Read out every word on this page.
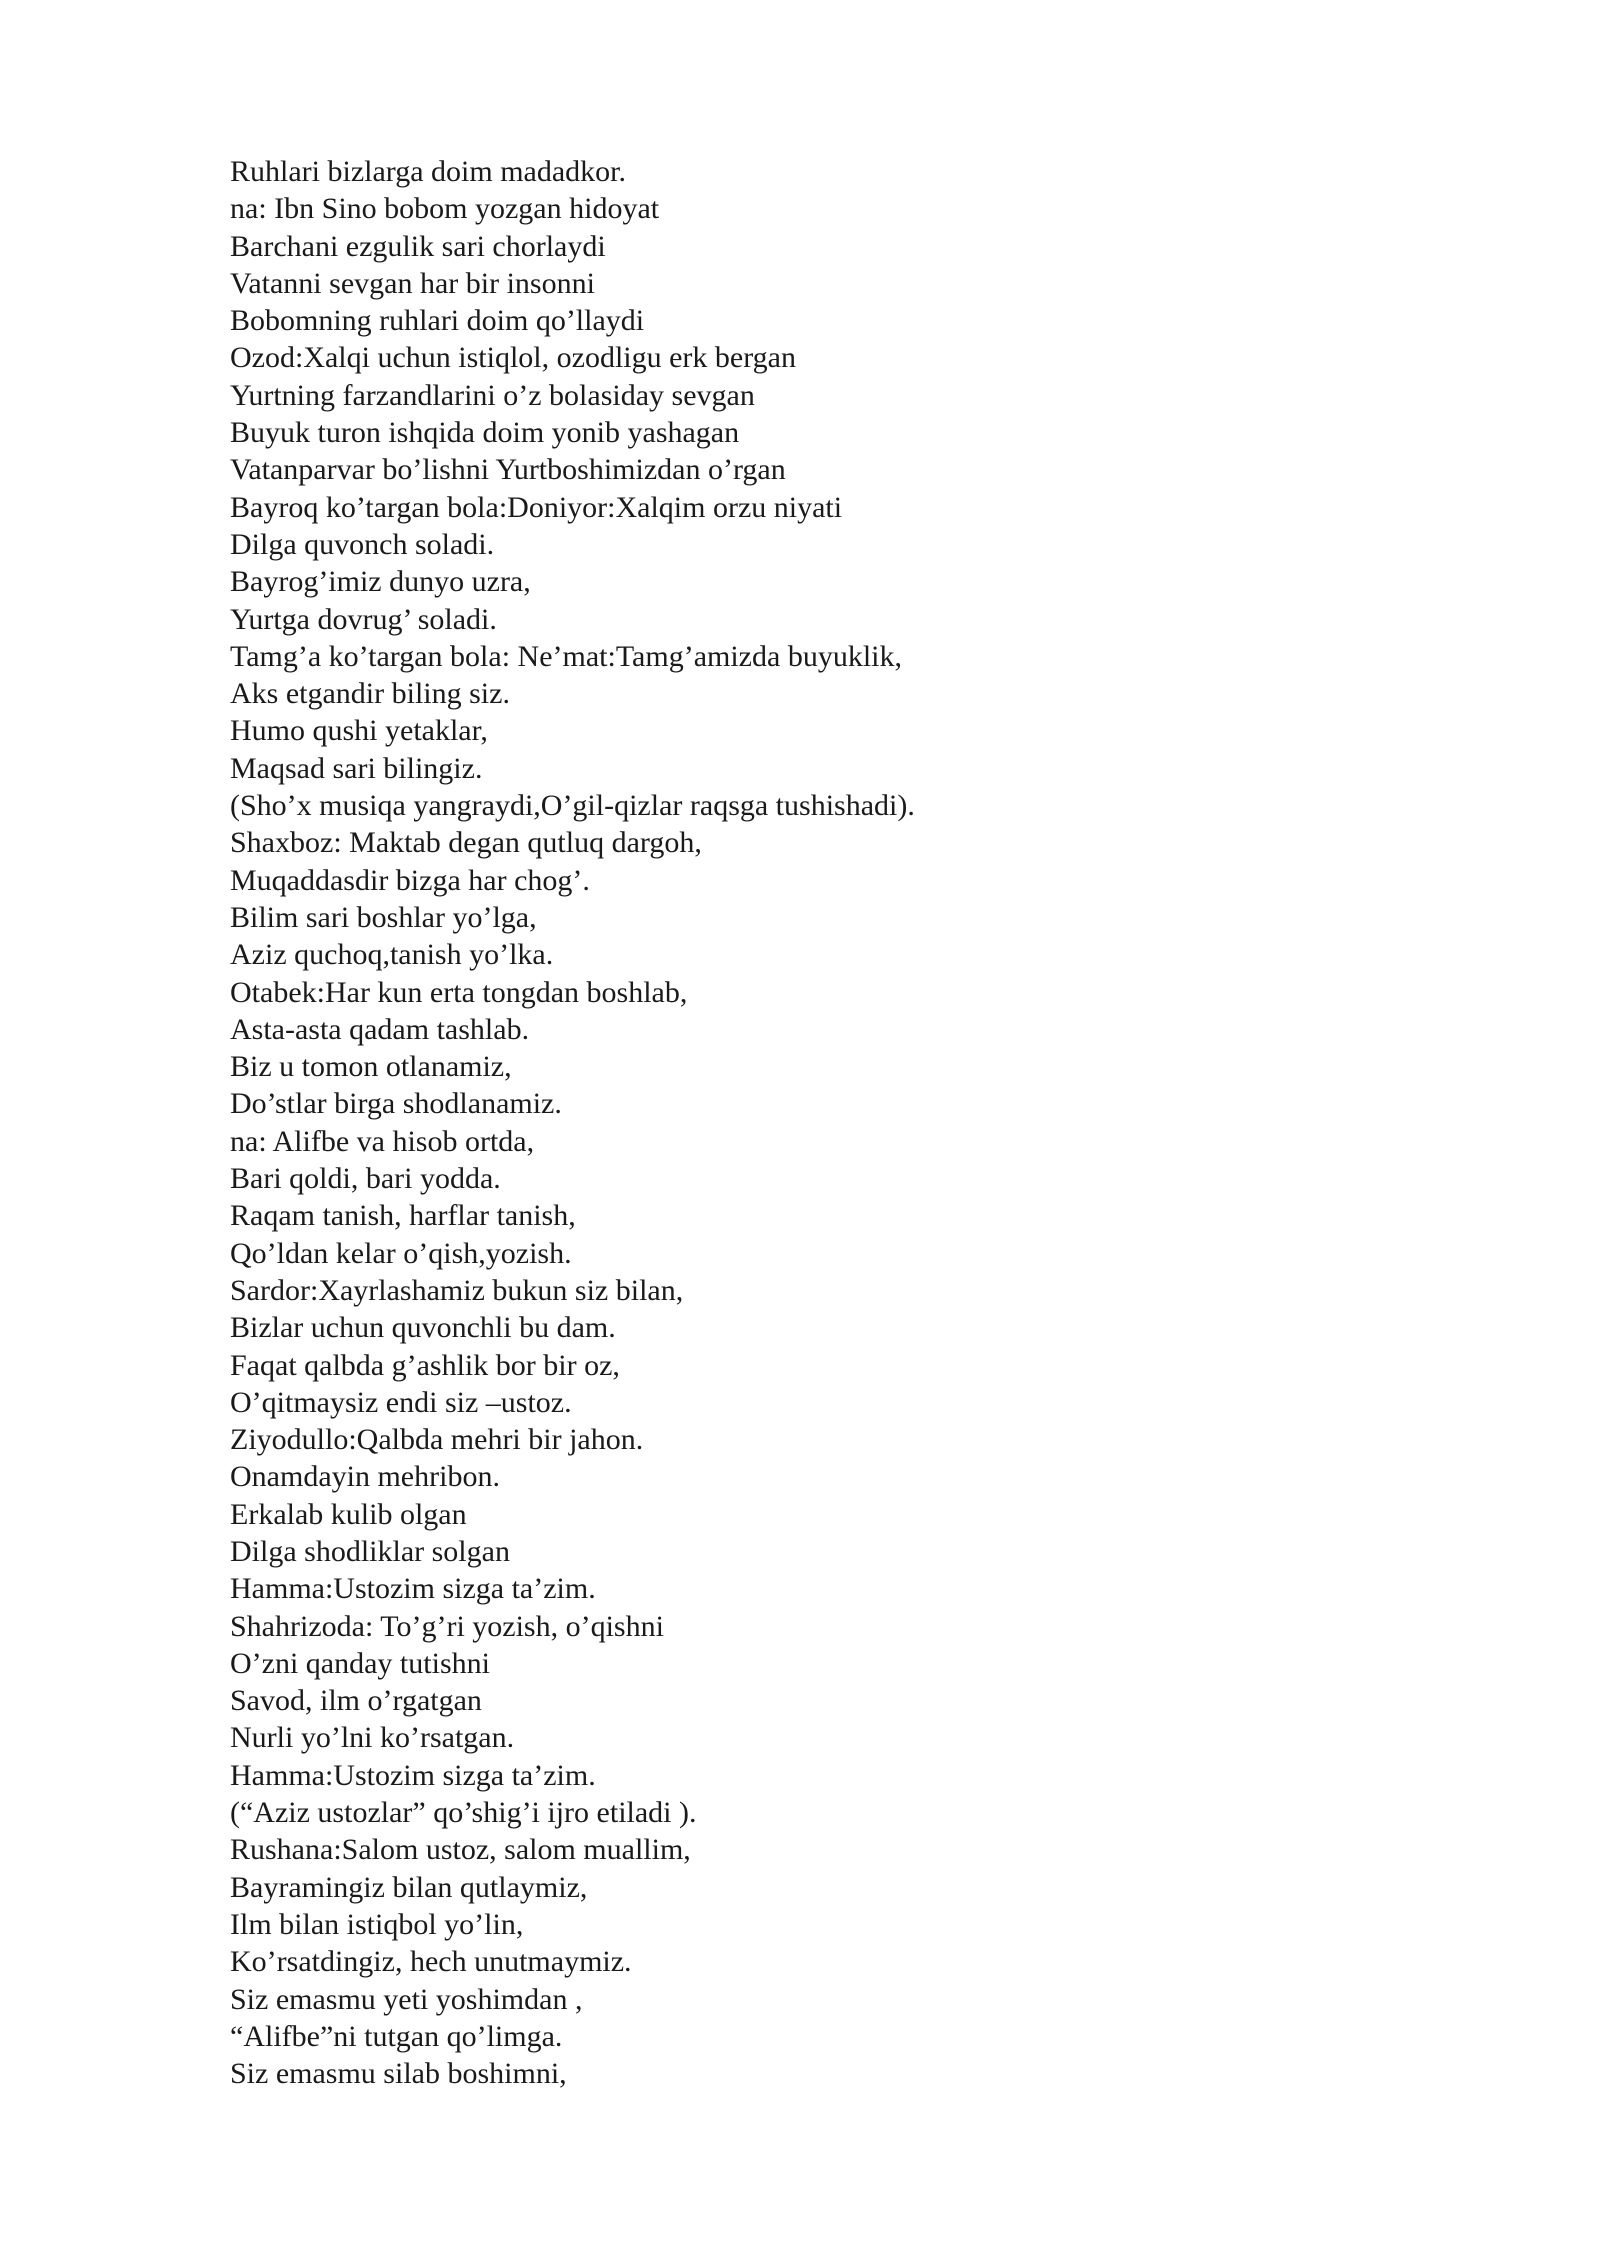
Ruhlari bizlarga doim madadkor.
na: Ibn Sino bobom yozgan hidoyat
Barchani ezgulik sari chorlaydi
Vatanni sevgan har bir insonni
Bobomning ruhlari doim qo’llaydi
Ozod:Xalqi uchun istiqlol, ozodligu erk bergan
Yurtning farzandlarini o’z bolasiday sevgan
Buyuk turon ishqida doim yonib yashagan
Vatanparvar bo’lishni Yurtboshimizdan o’rgan
Bayroq ko’targan bola:Doniyor:Xalqim orzu niyati
Dilga quvonch soladi.
Bayrog’imiz dunyo uzra,
Yurtga dovrug’ soladi.
Tamg’a ko’targan bola: Ne’mat:Tamg’amizda buyuklik,
Aks etgandir biling siz.
Humo qushi yetaklar,
Maqsad sari bilingiz.
(Sho’x musiqa yangraydi,O’gil-qizlar raqsga tushishadi).
Shaxboz: Maktab degan qutluq dargoh,
Muqaddasdir bizga har chog’.
Bilim sari boshlar yo’lga,
Aziz quchoq,tanish yo’lka.
Otabek:Har kun erta tongdan boshlab,
Asta-asta qadam tashlab.
Biz u tomon otlanamiz,
Do’stlar birga shodlanamiz.
na: Alifbe va hisob ortda,
Bari qoldi, bari yodda.
Raqam tanish, harflar tanish,
Qo’ldan kelar o’qish,yozish.
Sardor:Xayrlashamiz bukun siz bilan,
Bizlar uchun quvonchli bu dam.
Faqat qalbda g’ashlik bor bir oz,
O’qitmaysiz endi siz –ustoz.
Ziyodullo:Qalbda mehri bir jahon.
Onamdayin mehribon.
Erkalab kulib olgan
Dilga shodliklar solgan
Hamma:Ustozim sizga ta’zim.
Shahrizoda: To’g’ri yozish, o’qishni
O’zni qanday tutishni
Savod, ilm o’rgatgan
Nurli yo’lni ko’rsatgan.
Hamma:Ustozim sizga ta’zim.
(“Aziz ustozlar” qo’shig’i ijro etiladi ).
Rushana:Salom ustoz, salom muallim,
Bayramingiz bilan qutlaymiz,
Ilm bilan istiqbol yo’lin,
Ko’rsatdingiz, hech unutmaymiz.
Siz emasmu yeti yoshimdan ,
“Alifbe”ni tutgan qo’limga.
Siz emasmu silab boshimni,
